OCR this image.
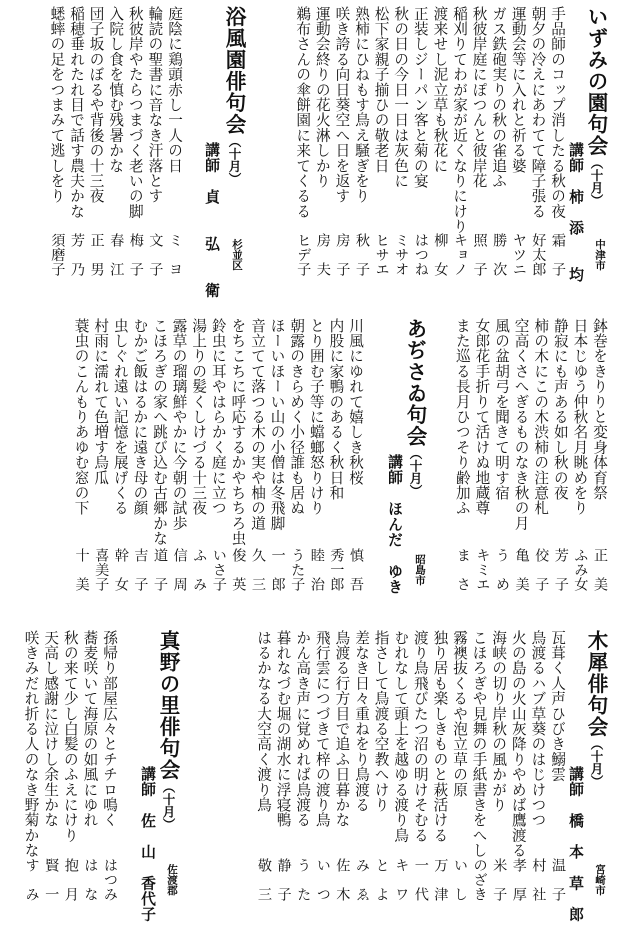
いずみの園句会（十月）
講師　柿　添　　均 中津市
手品師のコップ消したる秋の夜
霜　子
朝夕の冷えにあわてて障子張る
好太郎
運動会等に入れと祈る婆
ヤツニ
ガス鉄砲実りの秋の雀追ふ
勝　次
秋彼岸庭にぽつんと彼岸花
照　子
稲刈りてわが家が近くなりにけり
キョノ
渡来せし泥立草も秋花に
柳　女
正装しジーパン客と菊の宴
はつね
秋の日の今日一日は灰色に
ミサオ
松下家親子揃ひの敬老日
ヒサエ
熟柿にひねもす鳥え騒ぎをり
秋　子
咲き誇る向日葵空へ日を返す
房　子
運動会終りの花火淋しかり
房　夫
鵜布さんの傘餅園に来てくるる
ヒデ子
浴風園俳句会（十月）
講師　貞　　弘　　衛 杉並区
庭陰に鶏頭赤し一人の日
ミ　ヨ
輪読の聖書に音なき汗落とす
文　子
秋彼岸やたらつまづく老いの脚
梅　子
入院し食を慎む残暑かな
春　江
団子坂のぼるや背後の十三夜
正　男
稲穂垂れたれ目で話す農夫かな
芳　乃
蟋蟀の足をつまみて逃しをり
須磨子
鉢巻をきりりと変身体育祭
正　美
日本じゆう仲秋名月眺めをり
ふみ女
静寂にも声ある如し秋の夜
芳　子
柿の木にこの木渋柿の注意札
佼　子
空高くさへぎるものなき秋の月
亀　美
風の盆胡弓を聞きて明す宿
う　め
女郎花手折りて活けぬ地蔵尊
キミエ
また巡る長月ひつそり齢加ふ
ま　さ
あぢさゐ句会（十月）
講師　ほんだ　ゆき 昭島市
川風にゆれて嬉しき秋桜
慎　吾
内股に家鴨のあるく秋日和
秀一郎
とり囲む子等に蟷螂怒りけり
睦　治
朝露のきらめく小径誰も居ぬ
うた子
ほーいほーい山の小僧は冬飛脚
一　郎
音立てて落つる木の実や柚の道
久　三
をちこちに呼応するかやちちろ虫
俊　英
鈴虫に耳やはらかく庭に立つ
いさ子
湯上りの髪くしけづる十三夜
ふ　み
露草の瑠璃鮮やかに今朝の試歩
信　周
こほろぎの家へ跳び込む古郷かな
道　子
むかご飯はるかに遠き母の顔
吉　子
虫しぐれ遠い記憶を展げくる
幹　女
村雨に濡れて色増す烏瓜
喜美子
蓑虫のこんもりあゆむ窓の下
十　美
木犀俳句会（十月）
講師　橋　本　草　郎 宮崎市
瓦葺く人声ひびき鰯雲
温　子
鳥渡るハブ草葵のはじけつつ
村　社
火の島の火山灰降りやめば鷹渡る
孝　厚
海峡の切り岸秋の風かがり
米　子
こほろぎや見舞の手紙書きをへし
のざき
霧襖抜くるや泡立草の原
い　し
独り居も楽しきものと萩活ける
万　津
渡り鳥飛びたつ沼の明けそむる
一　代
むれなして頭上を越ゆる渡り鳥
キ　ワ
指さして鳥渡る空教へけり
と　よ
差なき日々重ねをり鳥渡る
み　ゑ
鳥渡る行方目で追ふ日暮かな
佐　木
飛行雲につづきて梓の渡り鳥
い　つ
かん高き声に覚めれば鳥渡る
う　た
暮れなづむ堀の湖水に浮寝鴨
静　子
はるかなる大空高く渡り鳥
敬　三
真野の里俳句会（十月）
講師　佐　山　香代子 佐渡郡
孫帰り部屋広々とチチロ鳴く
はつみ
蕎麦咲いて海原の如風にゆれ
は　な
秋の来て少し白髪のふえにけり
抱　月
天高し感謝に泣けし余生かな
賢　一
咲きみだれ折る人のなき野菊かな
す　み
